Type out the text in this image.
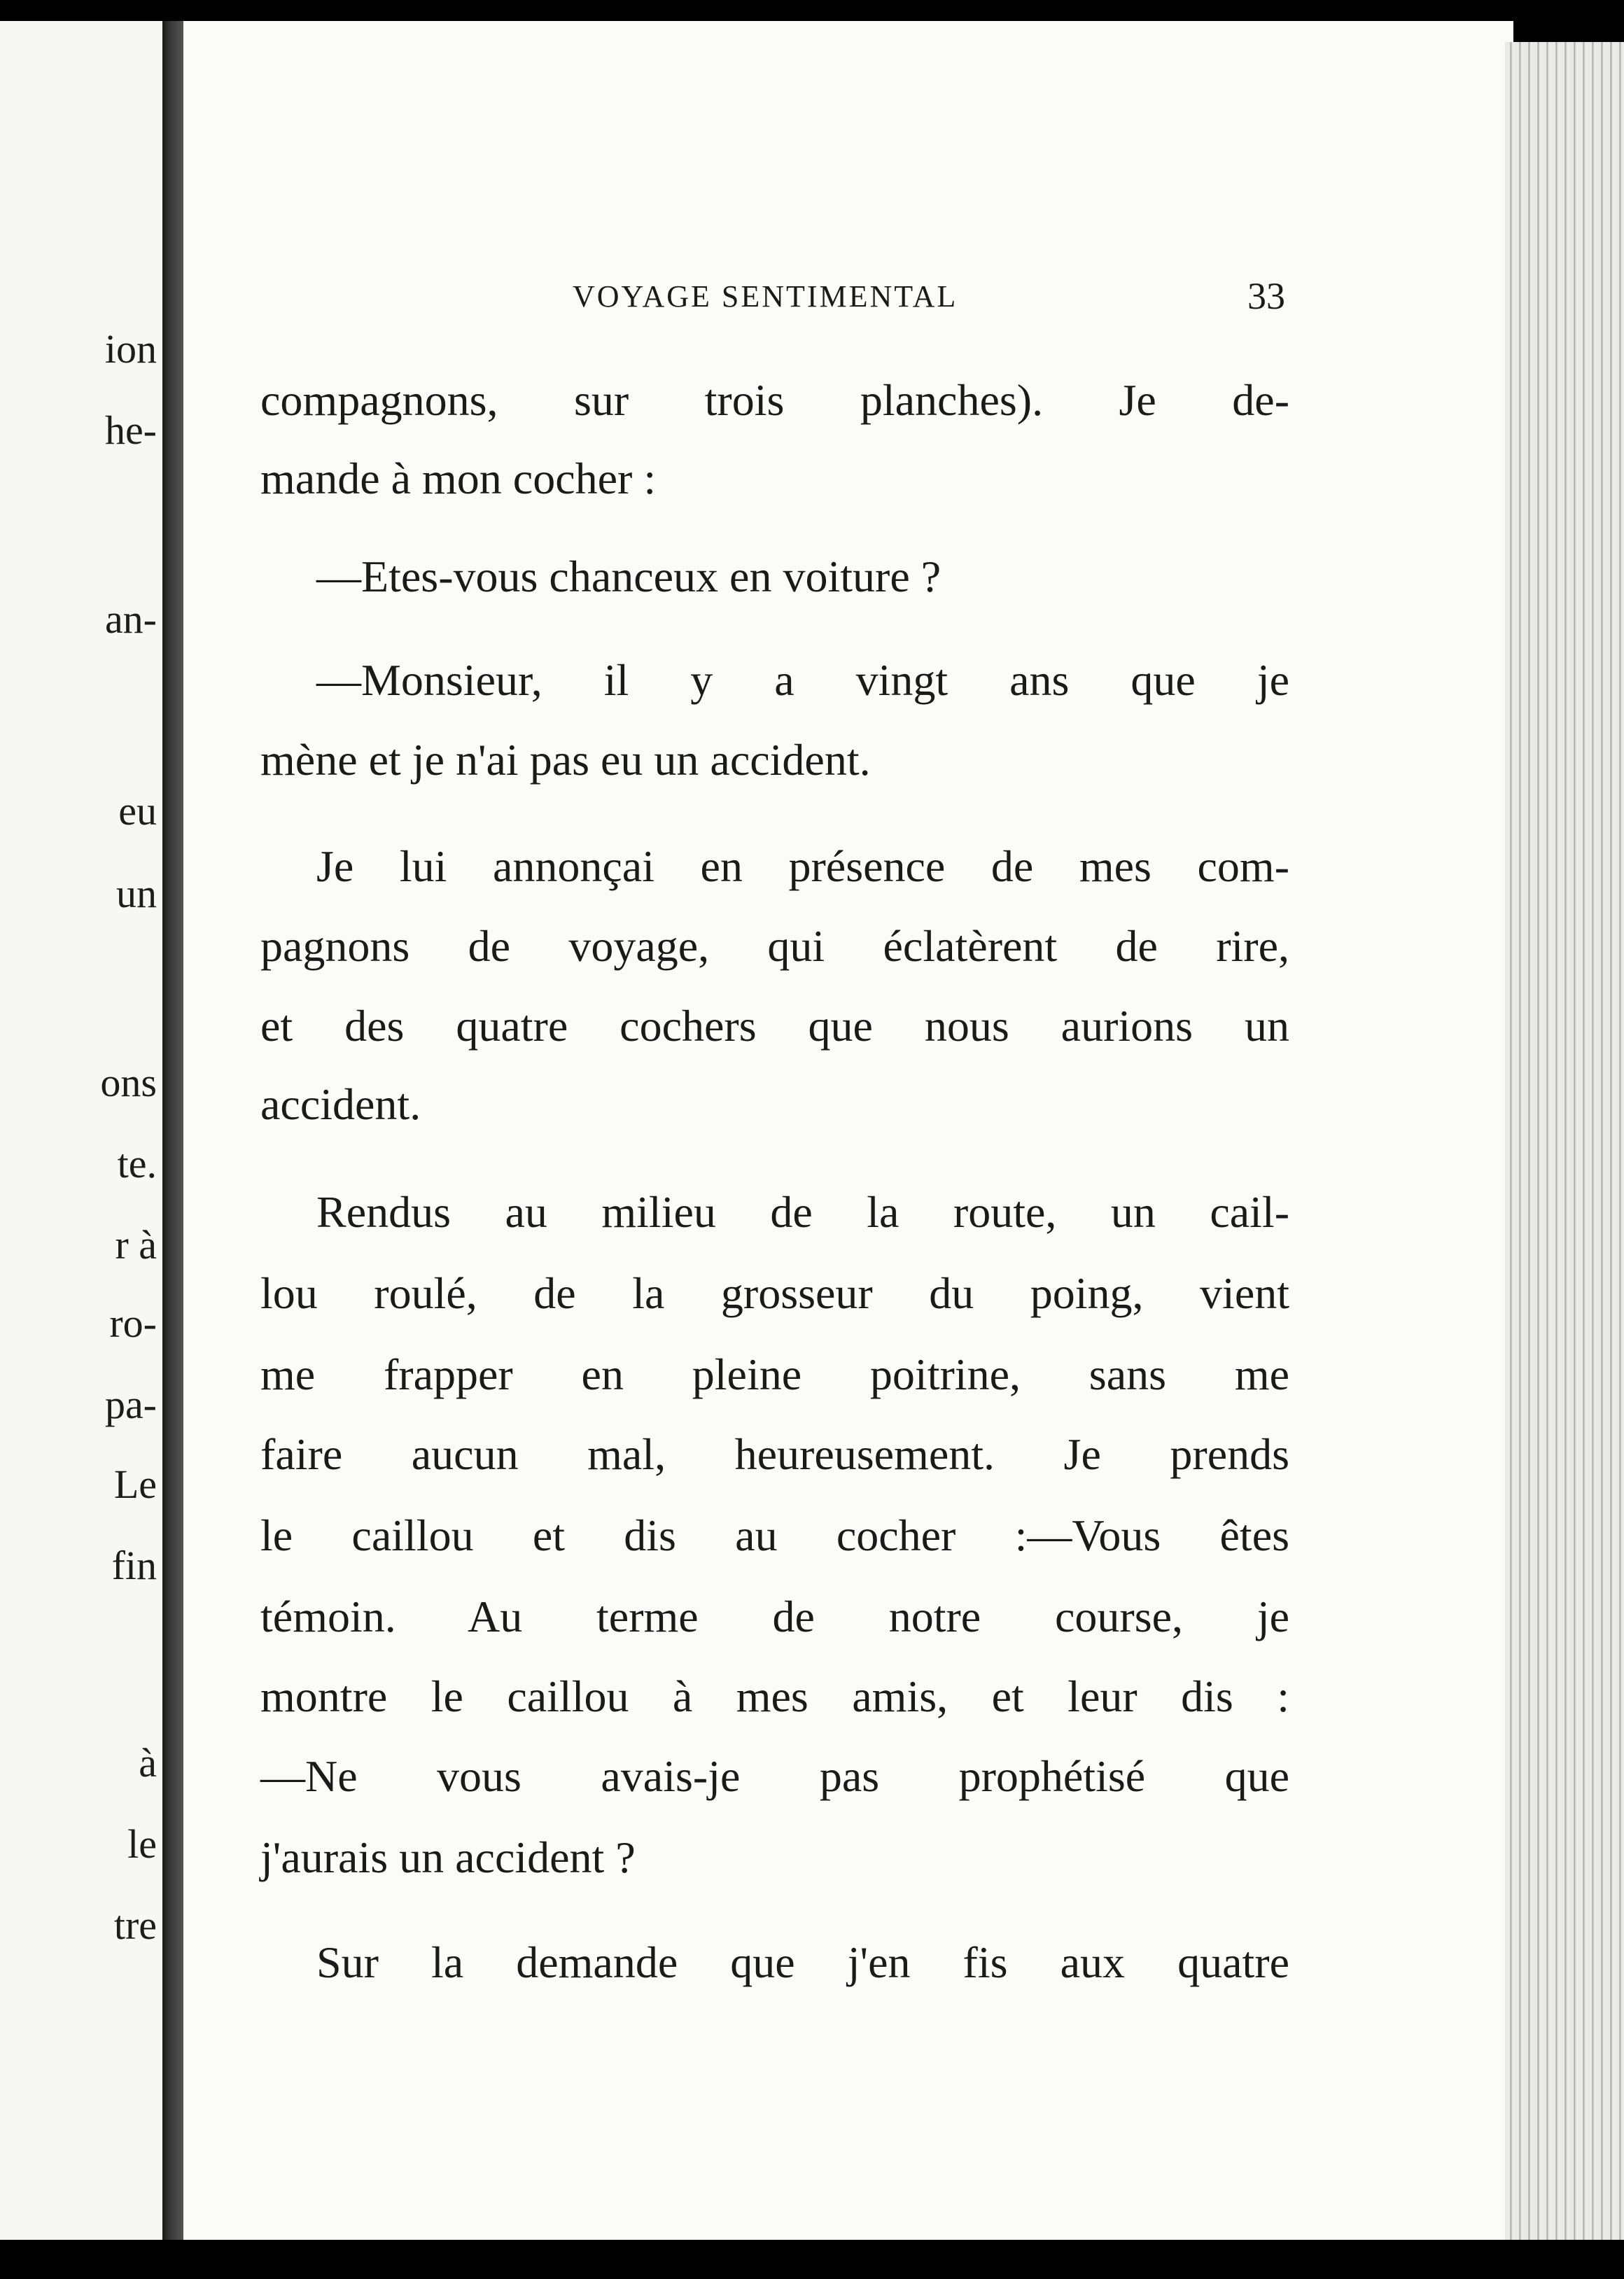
ion
he-
an-
eu
un
ons
te.
r à
ro-
pa-
Le
fin
à
le
tre
VOYAGE SENTIMENTAL	33
compagnons, sur trois planches). Je de-
mande à mon cocher :
—Etes-vous chanceux en voiture ?
—Monsieur, il y a vingt ans que je
mène et je n'ai pas eu un accident.
Je lui annonçai en présence de mes com-
pagnons de voyage, qui éclatèrent de rire,
et des quatre cochers que nous aurions un
accident.
Rendus au milieu de la route, un cail-
lou roulé, de la grosseur du poing, vient
me frapper en pleine poitrine, sans me
faire aucun mal, heureusement. Je prends
le caillou et dis au cocher :—Vous êtes
témoin. Au terme de notre course, je
montre le caillou à mes amis, et leur dis :
—Ne vous avais-je pas prophétisé que
j'aurais un accident ?
Sur la demande que j'en fis aux quatre
